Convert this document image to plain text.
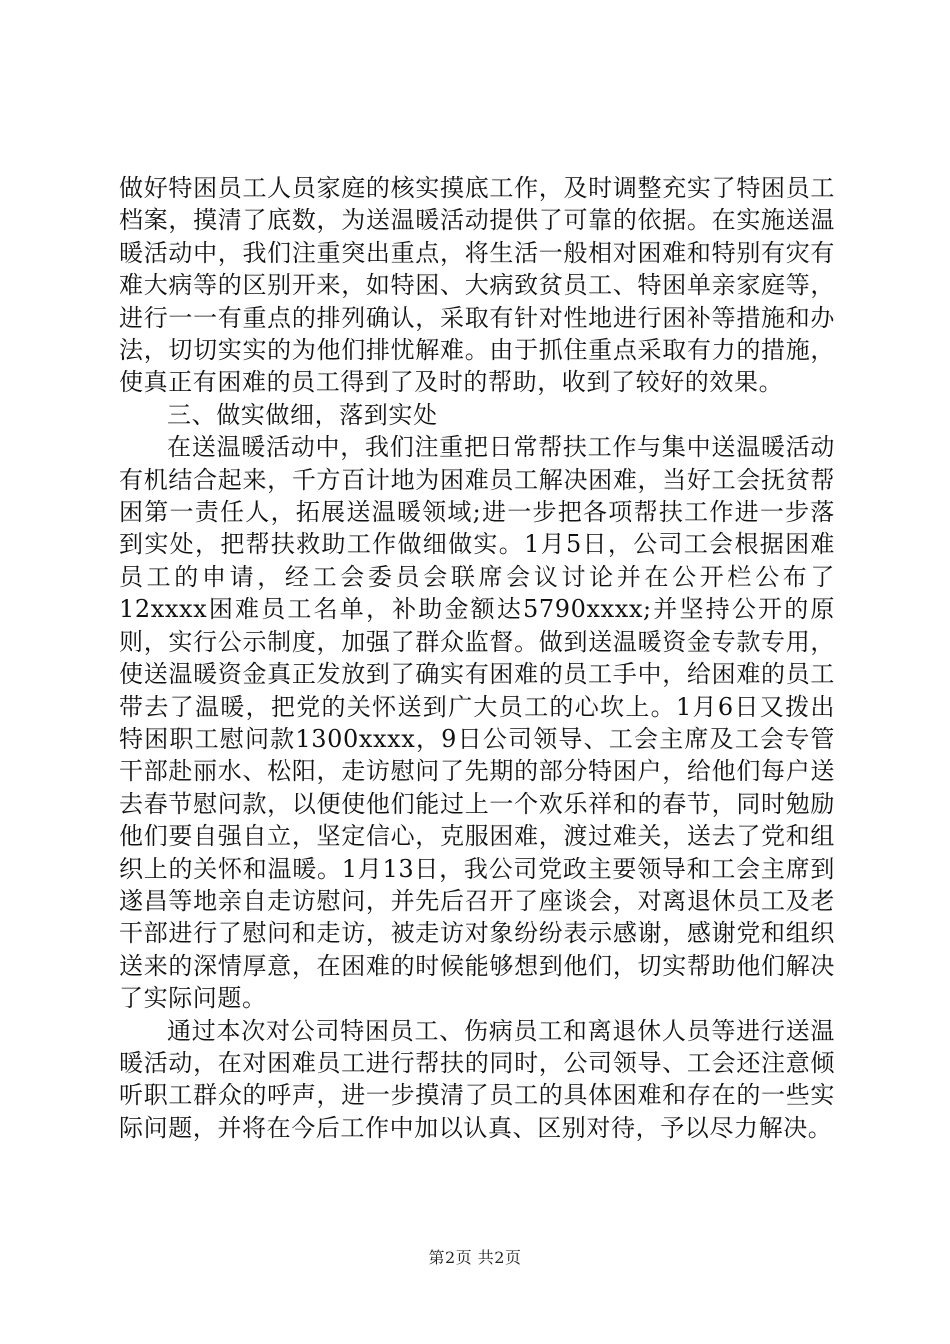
做好特困员工人员家庭的核实摸底工作，及时调整充实了特困员工档案，摸清了底数，为送温暖活动提供了可靠的依据。在实施送温暖活动中，我们注重突出重点，将生活一般相对困难和特别有灾有难大病等的区别开来，如特困、大病致贫员工、特困单亲家庭等，进行一一有重点的排列确认，采取有针对性地进行困补等措施和办法，切切实实的为他们排忧解难。由于抓住重点采取有力的措施，使真正有困难的员工得到了及时的帮助，收到了较好的效果。

三、做实做细，落到实处

在送温暖活动中，我们注重把日常帮扶工作与集中送温暖活动有机结合起来，千方百计地为困难员工解决困难，当好工会抚贫帮困第一责任人，拓展送温暖领域;进一步把各项帮扶工作进一步落到实处，把帮扶救助工作做细做实。1月5日，公司工会根据困难员工的申请，经工会委员会联席会议讨论并在公开栏公布了12xxxx困难员工名单，补助金额达5790xxxx;并坚持公开的原则，实行公示制度，加强了群众监督。做到送温暖资金专款专用，使送温暖资金真正发放到了确实有困难的员工手中，给困难的员工带去了温暖，把党的关怀送到广大员工的心坎上。1月6日又拨出特困职工慰问款1300xxxx，9日公司领导、工会主席及工会专管干部赴丽水、松阳，走访慰问了先期的部分特困户，给他们每户送去春节慰问款，以便使他们能过上一个欢乐祥和的春节，同时勉励他们要自强自立，坚定信心，克服困难，渡过难关，送去了党和组织上的关怀和温暖。1月13日，我公司党政主要领导和工会主席到遂昌等地亲自走访慰问，并先后召开了座谈会，对离退休员工及老干部进行了慰问和走访，被走访对象纷纷表示感谢，感谢党和组织送来的深情厚意，在困难的时候能够想到他们，切实帮助他们解决了实际问题。

通过本次对公司特困员工、伤病员工和离退休人员等进行送温暖活动，在对困难员工进行帮扶的同时，公司领导、工会还注意倾听职工群众的呼声，进一步摸清了员工的具体困难和存在的一些实际问题，并将在今后工作中加以认真、区别对待，予以尽力解决。

第2页 共2页
